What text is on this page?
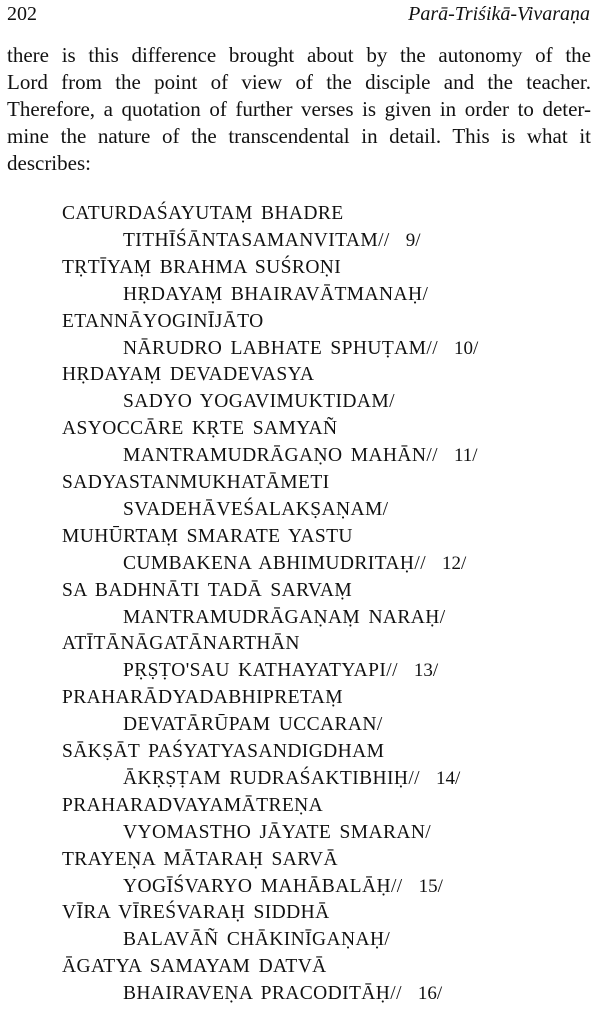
202	Parā-Triśikā-Vivaraṇa
there is this difference brought about by the autonomy of the
Lord from the point of view of the disciple and the teacher.
Therefore, a quotation of further verses is given in order to deter-
mine the nature of the transcendental in detail. This is what it
describes:
CATURDAŚAYUTAṂ BHADRE
TITHĪŚĀNTASAMANVITAM// 9/
TṚTĪYAṂ BRAHMA SUŚROṆI
HṚDAYAṂ BHAIRAVĀTMANAḤ/
ETANNĀYOGINĪJĀTO
NĀRUDRO LABHATE SPHUṬAM// 10/
HṚDAYAṂ DEVADEVASYA
SADYO YOGAVIMUKTIDAM/
ASYOCCĀRE KṚTE SAMYAÑ
MANTRAMUDRĀGAṆO MAHĀN// 11/
SADYASTANMUKHATĀMETI
SVADEHĀVEŚALAKṢAṆAM/
MUHŪRTAṂ SMARATE YASTU
CUMBAKENA ABHIMUDRITAḤ// 12/
SA BADHNĀTI TADĀ SARVAṂ
MANTRAMUDRĀGAṆAṂ NARAḤ/
ATĪTĀNĀGATĀNARTHĀN
PṚṢṬO'SAU KATHAYATYAPI// 13/
PRAHARĀDYADABHIPRETAṂ
DEVATĀRŪPAM UCCARAN/
SĀKṢĀT PAŚYATYASANDIGDHAM
ĀKṚṢṬAM RUDRAŚAKTIBHIḤ// 14/
PRAHARADVAYAMĀTREṆA
VYOMASTHO JĀYATE SMARAN/
TRAYEṆA MĀTARAḤ SARVĀ
YOGĪŚVARYO MAHĀBALĀḤ// 15/
VĪRA VĪREŚVARAḤ SIDDHĀ
BALAVĀÑ CHĀKINĪGAṆAḤ/
ĀGATYA SAMAYAM DATVĀ
BHAIRAVEṆA PRACODITĀḤ// 16/
